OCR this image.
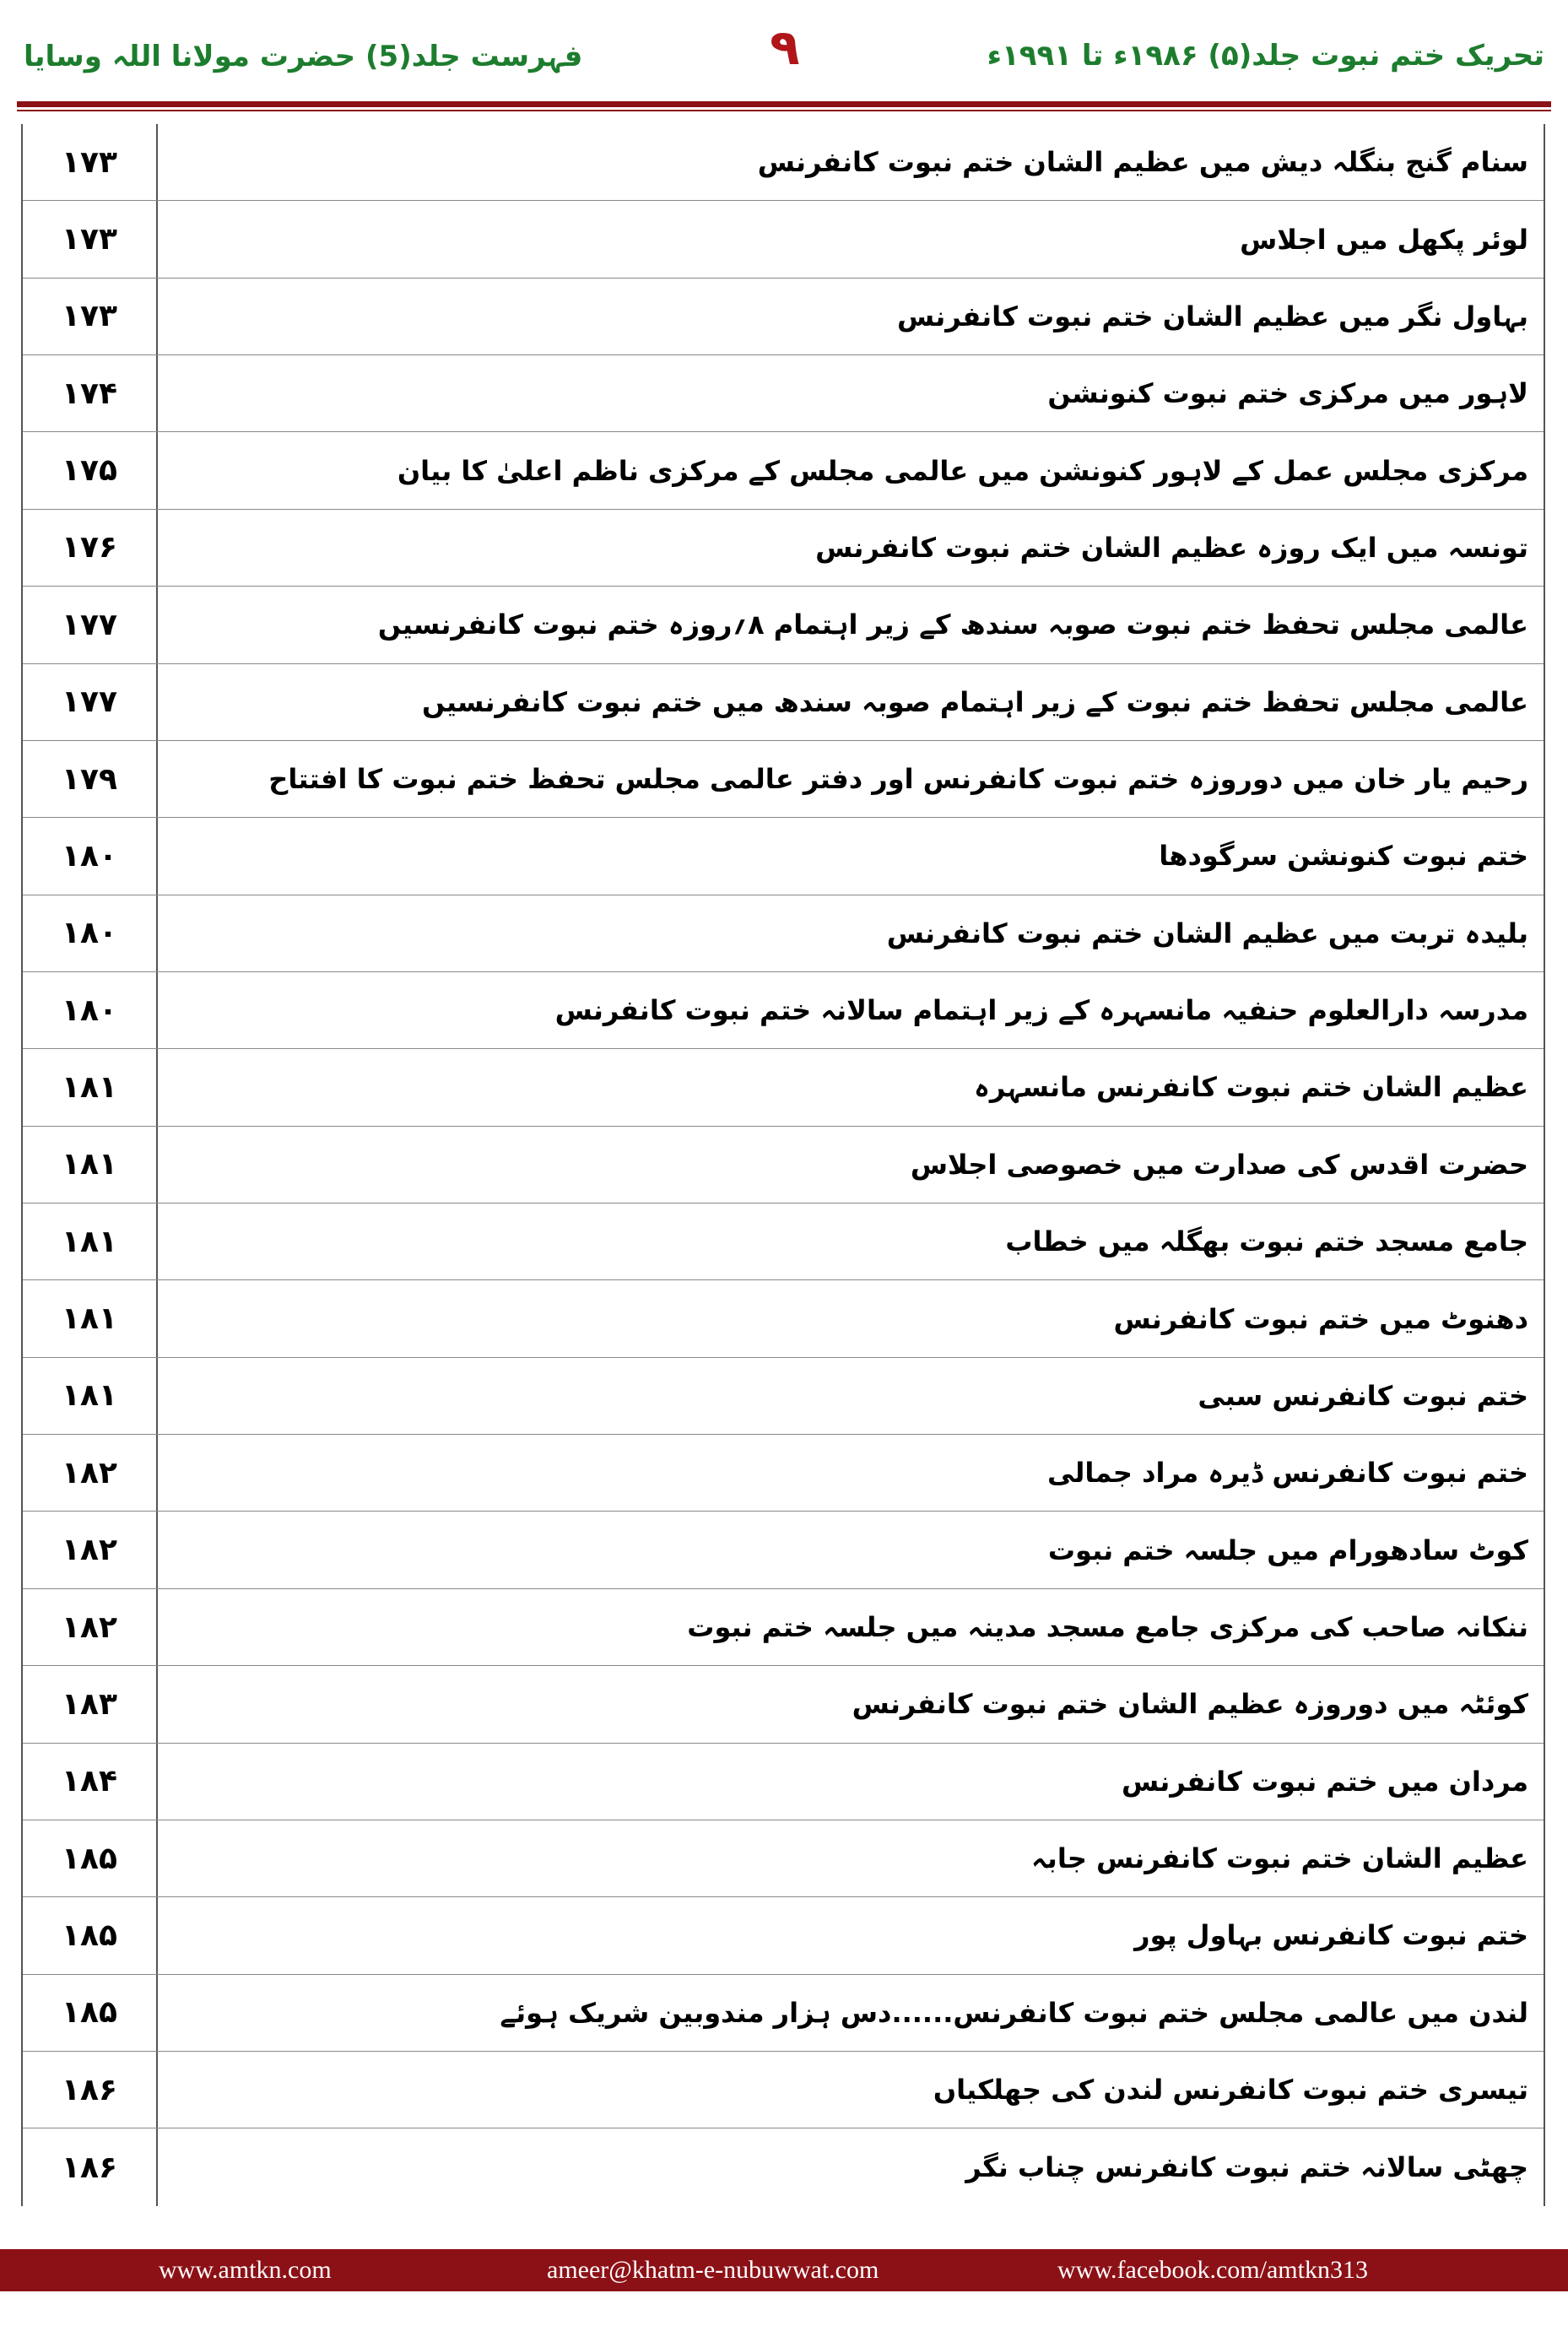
تحریک ختم نبوت جلد(۵) ۱۹۸۶ء تا ۱۹۹۱ء
۹
فہرست جلد(5) حضرت مولانا اللہ وسایا
۱۷۳	سنام گنج بنگلہ دیش میں عظیم الشان ختم نبوت کانفرنس
۱۷۳	لوئر پکھل میں اجلاس
۱۷۳	بہاول نگر میں عظیم الشان ختم نبوت کانفرنس
۱۷۴	لاہور میں مرکزی ختم نبوت کنونشن
۱۷۵	مرکزی مجلس عمل کے لاہور کنونشن میں عالمی مجلس کے مرکزی ناظم اعلیٰ کا بیان
۱۷۶	تونسہ میں ایک روزہ عظیم الشان ختم نبوت کانفرنس
۱۷۷	عالمی مجلس تحفظ ختم نبوت صوبہ سندھ کے زیر اہتمام ۸؍روزہ ختم نبوت کانفرنسیں
۱۷۷	عالمی مجلس تحفظ ختم نبوت کے زیر اہتمام صوبہ سندھ میں ختم نبوت کانفرنسیں
۱۷۹	رحیم یار خان میں دوروزہ ختم نبوت کانفرنس اور دفتر عالمی مجلس تحفظ ختم نبوت کا افتتاح
۱۸۰	ختم نبوت کنونشن سرگودھا
۱۸۰	بلیدہ تربت میں عظیم الشان ختم نبوت کانفرنس
۱۸۰	مدرسہ دارالعلوم حنفیہ مانسہرہ کے زیر اہتمام سالانہ ختم نبوت کانفرنس
۱۸۱	عظیم الشان ختم نبوت کانفرنس مانسہرہ
۱۸۱	حضرت اقدس کی صدارت میں خصوصی اجلاس
۱۸۱	جامع مسجد ختم نبوت بھگلہ میں خطاب
۱۸۱	دھنوٹ میں ختم نبوت کانفرنس
۱۸۱	ختم نبوت کانفرنس سبی
۱۸۲	ختم نبوت کانفرنس ڈیرہ مراد جمالی
۱۸۲	کوٹ سادھورام میں جلسہ ختم نبوت
۱۸۲	ننکانہ صاحب کی مرکزی جامع مسجد مدینہ میں جلسہ ختم نبوت
۱۸۳	کوئٹہ میں دوروزہ عظیم الشان ختم نبوت کانفرنس
۱۸۴	مردان میں ختم نبوت کانفرنس
۱۸۵	عظیم الشان ختم نبوت کانفرنس جابہ
۱۸۵	ختم نبوت کانفرنس بہاول پور
۱۸۵	لندن میں عالمی مجلس ختم نبوت کانفرنس......دس ہزار مندوبین شریک ہوئے
۱۸۶	تیسری ختم نبوت کانفرنس لندن کی جھلکیاں
۱۸۶	چھٹی سالانہ ختم نبوت کانفرنس چناب نگر
www.amtkn.com	ameer@khatm-e-nubuwwat.com	www.facebook.com/amtkn313
